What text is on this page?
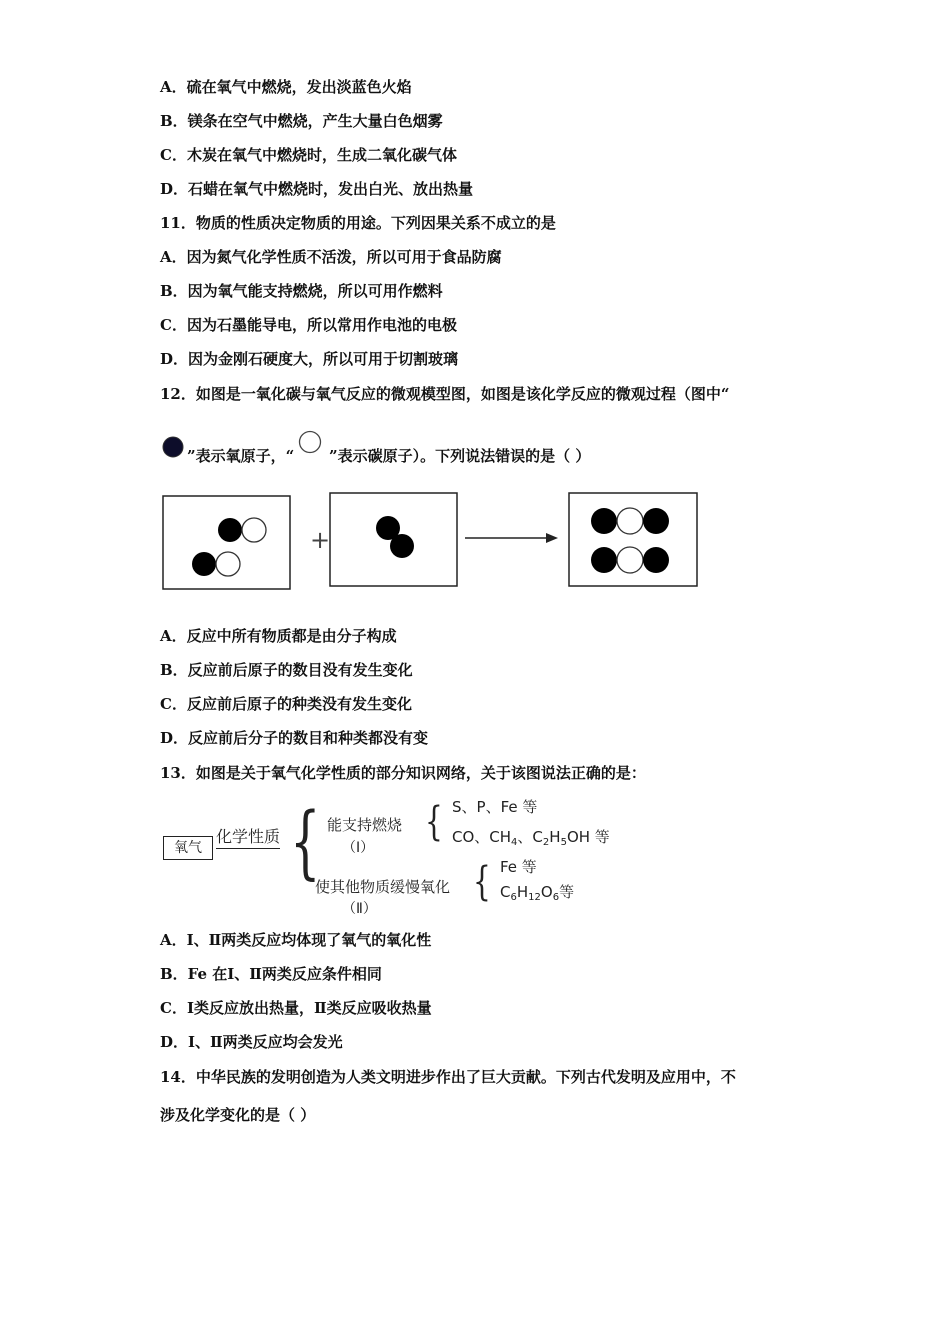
A．硫在氧气中燃烧，发出淡蓝色火焰
B．镁条在空气中燃烧，产生大量白色烟雾
C．木炭在氧气中燃烧时，生成二氧化碳气体
D．石蜡在氧气中燃烧时，发出白光、放出热量
11．物质的性质决定物质的用途。下列因果关系不成立的是
A．因为氮气化学性质不活泼，所以可用于食品防腐
B．因为氧气能支持燃烧，所以可用作燃料
C．因为石墨能导电，所以常用作电池的电极
D．因为金刚石硬度大，所以可用于切割玻璃
12．如图是一氧化碳与氧气反应的微观模型图，如图是该化学反应的微观过程（图中“
”表示氧原子，“ ”表示碳原子）。下列说法错误的是（ ）
+
A．反应中所有物质都是由分子构成
B．反应前后原子的数目没有发生变化
C．反应前后原子的种类没有发生变化
D．反应前后分子的数目和种类都没有变
13．如图是关于氧气化学性质的部分知识网络，关于该图说法正确的是：
氧气
化学性质 { 能支持燃烧
（Ⅰ）
{ S、P、Fe 等
CO、$CH_4$、$C_2H_5OH$ 等
使其他物质缓慢氧化
（Ⅱ）
{ Fe 等
$C_6H_{12}O_6$等
A．Ⅰ、Ⅱ两类反应均体现了氧气的氧化性
B．Fe 在Ⅰ、Ⅱ两类反应条件相同
C．Ⅰ类反应放出热量，Ⅱ类反应吸收热量
D．Ⅰ、Ⅱ两类反应均会发光
14．中华民族的发明创造为人类文明进步作出了巨大贡献。下列古代发明及应用中，不
涉及化学变化的是（ ）
